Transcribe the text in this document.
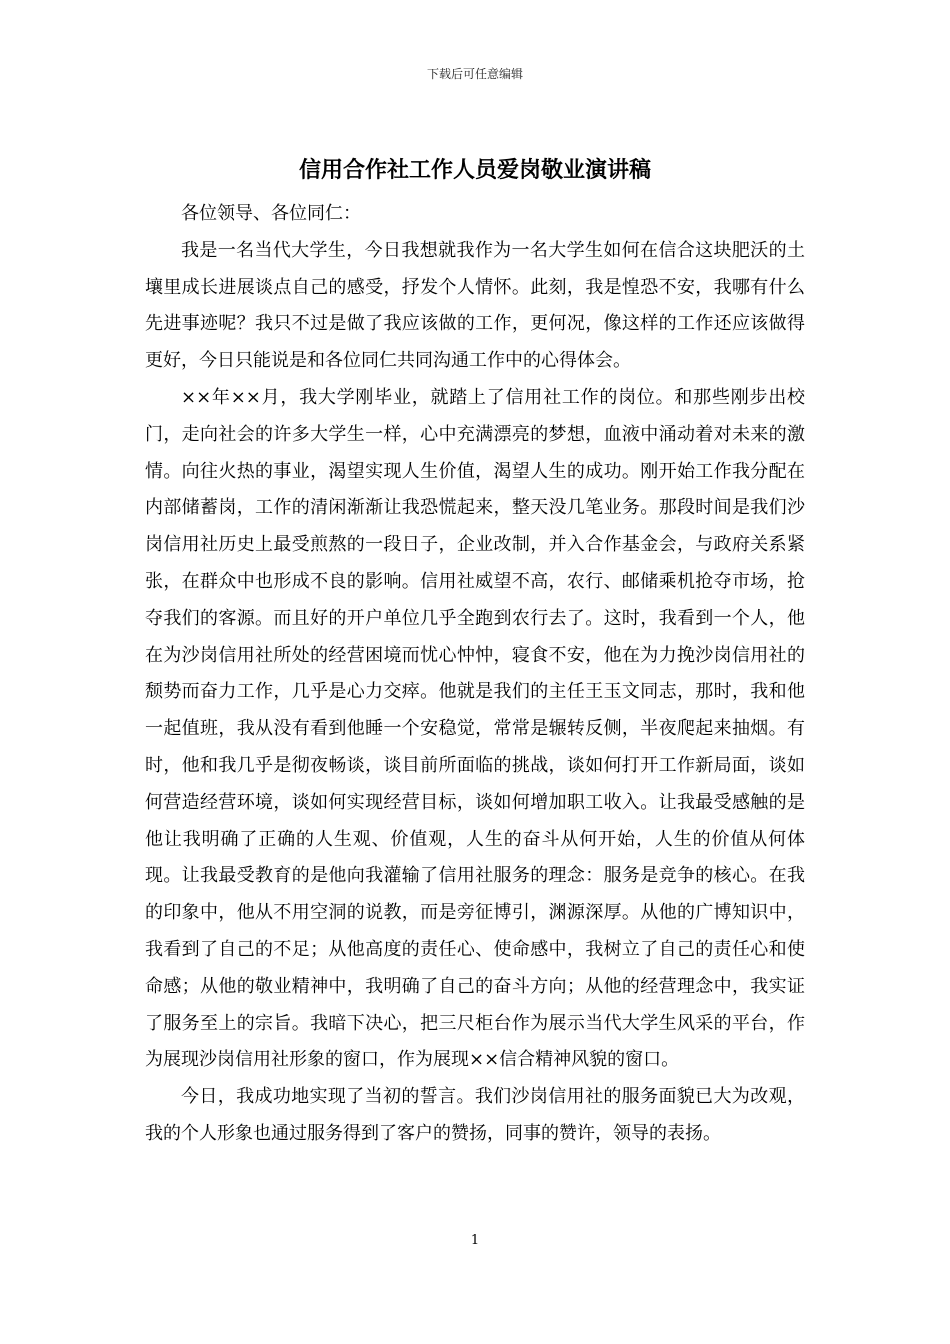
下载后可任意编辑
信用合作社工作人员爱岗敬业演讲稿

各位领导、各位同仁：

我是一名当代大学生，今日我想就我作为一名大学生如何在信合这块肥沃的土壤里成长进展谈点自己的感受，抒发个人情怀。此刻，我是惶恐不安，我哪有什么先进事迹呢？我只不过是做了我应该做的工作，更何况，像这样的工作还应该做得更好，今日只能说是和各位同仁共同沟通工作中的心得体会。

××年××月，我大学刚毕业，就踏上了信用社工作的岗位。和那些刚步出校门，走向社会的许多大学生一样，心中充满漂亮的梦想，血液中涌动着对未来的激情。向往火热的事业，渴望实现人生价值，渴望人生的成功。刚开始工作我分配在内部储蓄岗，工作的清闲渐渐让我恐慌起来，整天没几笔业务。那段时间是我们沙岗信用社历史上最受煎熬的一段日子，企业改制，并入合作基金会，与政府关系紧张，在群众中也形成不良的影响。信用社威望不高，农行、邮储乘机抢夺市场，抢夺我们的客源。而且好的开户单位几乎全跑到农行去了。这时，我看到一个人，他在为沙岗信用社所处的经营困境而忧心忡忡，寝食不安，他在为力挽沙岗信用社的颓势而奋力工作，几乎是心力交瘁。他就是我们的主任王玉文同志，那时，我和他一起值班，我从没有看到他睡一个安稳觉，常常是辗转反侧，半夜爬起来抽烟。有时，他和我几乎是彻夜畅谈，谈目前所面临的挑战，谈如何打开工作新局面，谈如何营造经营环境，谈如何实现经营目标，谈如何增加职工收入。让我最受感触的是他让我明确了正确的人生观、价值观，人生的奋斗从何开始，人生的价值从何体现。让我最受教育的是他向我灌输了信用社服务的理念：服务是竞争的核心。在我的印象中，他从不用空洞的说教，而是旁征博引，渊源深厚。从他的广博知识中，我看到了自己的不足；从他高度的责任心、使命感中，我树立了自己的责任心和使命感；从他的敬业精神中，我明确了自己的奋斗方向；从他的经营理念中，我实证了服务至上的宗旨。我暗下决心，把三尺柜台作为展示当代大学生风采的平台，作为展现沙岗信用社形象的窗口，作为展现××信合精神风貌的窗口。

今日，我成功地实现了当初的誓言。我们沙岗信用社的服务面貌已大为改观，我的个人形象也通过服务得到了客户的赞扬，同事的赞许，领导的表扬。

1
